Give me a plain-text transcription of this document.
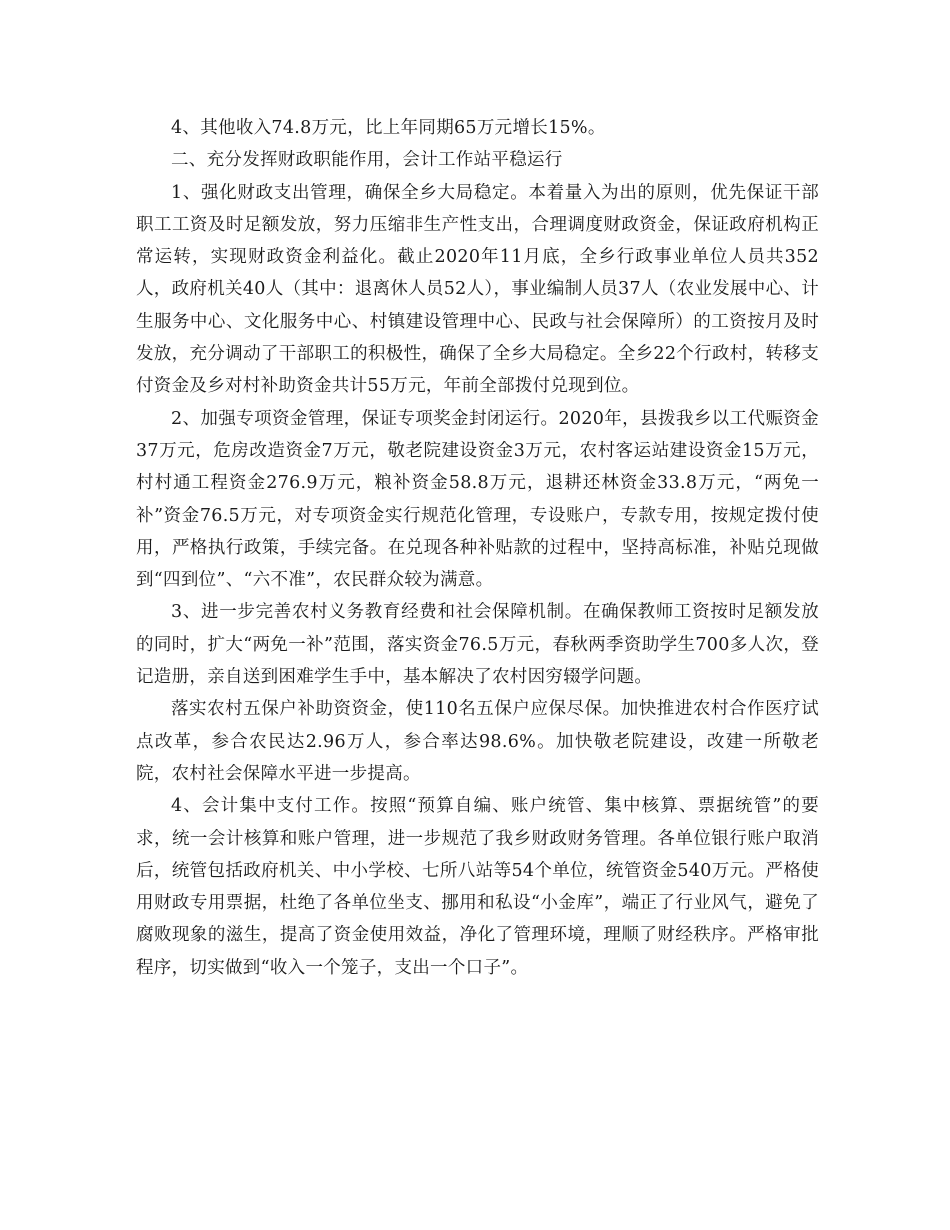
4、其他收入74.8万元，比上年同期65万元增长15%。

二、充分发挥财政职能作用，会计工作站平稳运行

1、强化财政支出管理，确保全乡大局稳定。本着量入为出的原则，优先保证干部职工工资及时足额发放，努力压缩非生产性支出，合理调度财政资金，保证政府机构正常运转，实现财政资金利益化。截止2020年11月底，全乡行政事业单位人员共352人，政府机关40人（其中：退离休人员52人），事业编制人员37人（农业发展中心、计生服务中心、文化服务中心、村镇建设管理中心、民政与社会保障所）的工资按月及时发放，充分调动了干部职工的积极性，确保了全乡大局稳定。全乡22个行政村，转移支付资金及乡对村补助资金共计55万元，年前全部拨付兑现到位。

2、加强专项资金管理，保证专项奖金封闭运行。2020年，县拨我乡以工代赈资金37万元，危房改造资金7万元，敬老院建设资金3万元，农村客运站建设资金15万元，村村通工程资金276.9万元，粮补资金58.8万元，退耕还林资金33.8万元，“两免一补”资金76.5万元，对专项资金实行规范化管理，专设账户，专款专用，按规定拨付使用，严格执行政策，手续完备。在兑现各种补贴款的过程中，坚持高标准，补贴兑现做到“四到位”、“六不准”，农民群众较为满意。

3、进一步完善农村义务教育经费和社会保障机制。在确保教师工资按时足额发放的同时，扩大“两免一补”范围，落实资金76.5万元，春秋两季资助学生700多人次，登记造册，亲自送到困难学生手中，基本解决了农村因穷辍学问题。

落实农村五保户补助资资金，使110名五保户应保尽保。加快推进农村合作医疗试点改革，参合农民达2.96万人，参合率达98.6%。加快敬老院建设，改建一所敬老院，农村社会保障水平进一步提高。

4、会计集中支付工作。按照“预算自编、账户统管、集中核算、票据统管”的要求，统一会计核算和账户管理，进一步规范了我乡财政财务管理。各单位银行账户取消后，统管包括政府机关、中小学校、七所八站等54个单位，统管资金540万元。严格使用财政专用票据，杜绝了各单位坐支、挪用和私设“小金库”，端正了行业风气，避免了腐败现象的滋生，提高了资金使用效益，净化了管理环境，理顺了财经秩序。严格审批程序，切实做到“收入一个笼子，支出一个口子”。
